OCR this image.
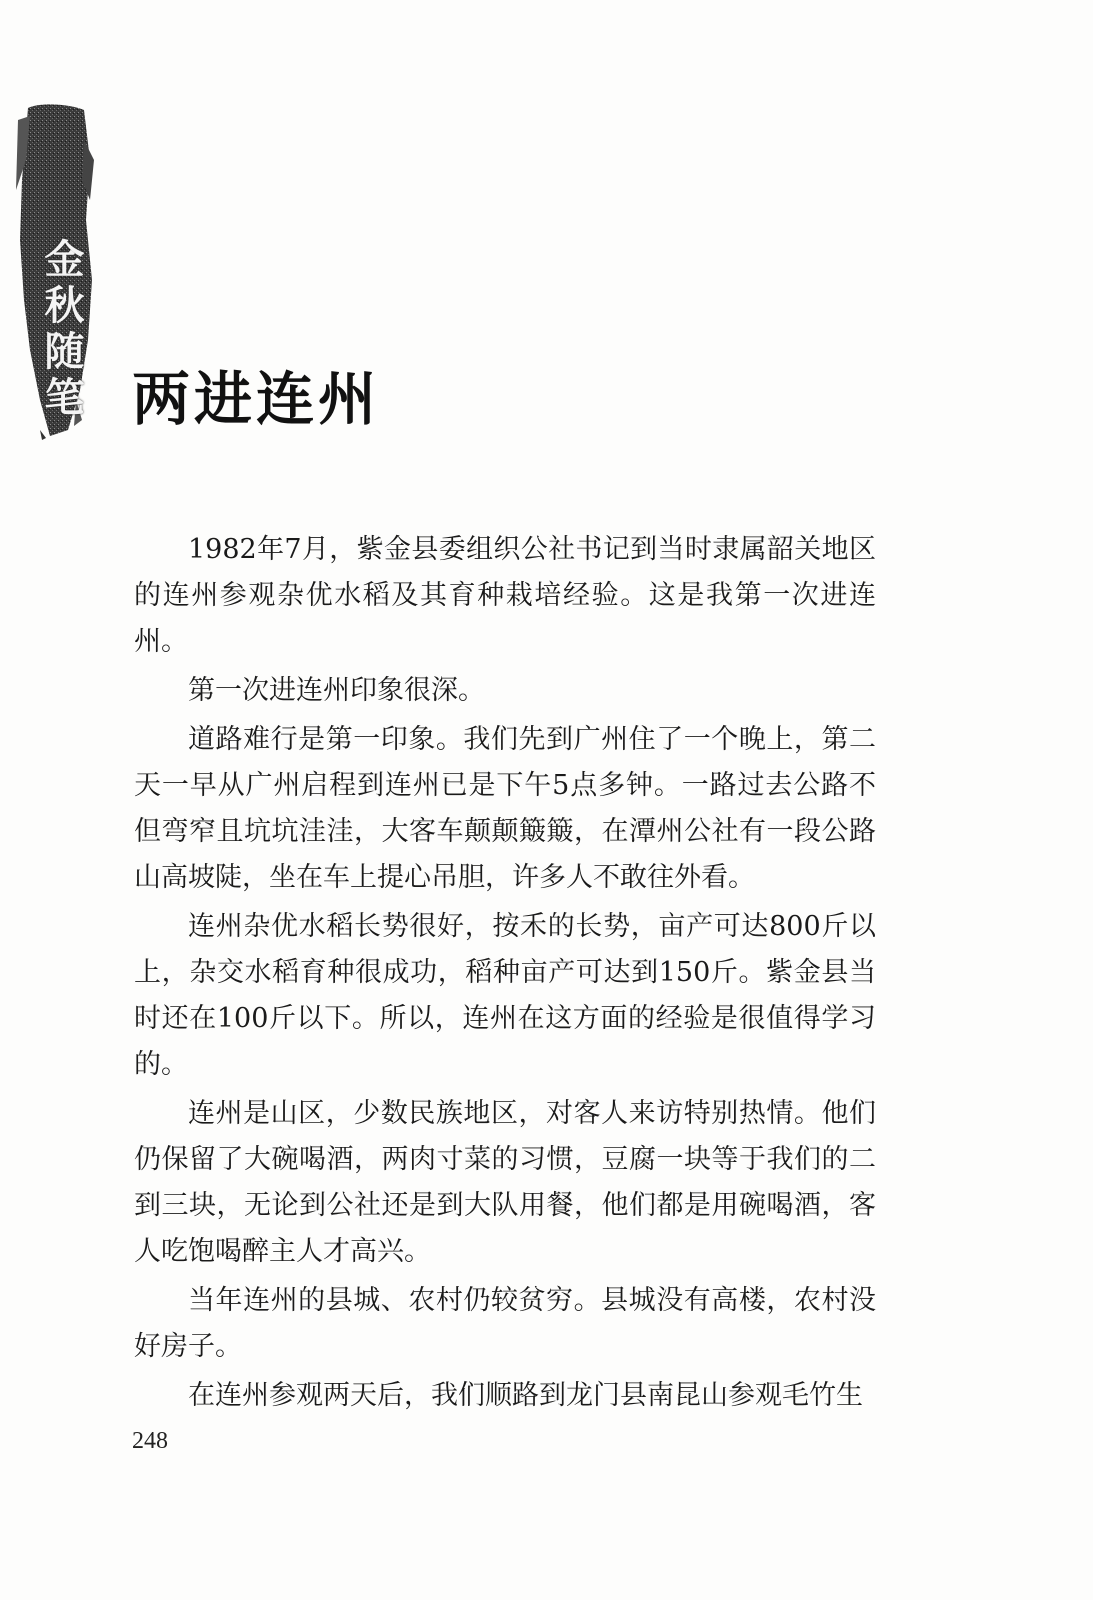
金秋随笔 两进连州

1982年7月，紫金县委组织公社书记到当时隶属韶关地区的连州参观杂优水稻及其育种栽培经验。这是我第一次进连州。

第一次进连州印象很深。

道路难行是第一印象。我们先到广州住了一个晚上，第二天一早从广州启程到连州已是下午5点多钟。一路过去公路不但弯窄且坑坑洼洼，大客车颠颠簸簸，在潭州公社有一段公路山高坡陡，坐在车上提心吊胆，许多人不敢往外看。

连州杂优水稻长势很好，按禾的长势，亩产可达800斤以上，杂交水稻育种很成功，稻种亩产可达到150斤。紫金县当时还在100斤以下。所以，连州在这方面的经验是很值得学习的。

连州是山区，少数民族地区，对客人来访特别热情。他们仍保留了大碗喝酒，两肉寸菜的习惯，豆腐一块等于我们的二到三块，无论到公社还是到大队用餐，他们都是用碗喝酒，客人吃饱喝醉主人才高兴。

当年连州的县城、农村仍较贫穷。县城没有高楼，农村没好房子。

在连州参观两天后，我们顺路到龙门县南昆山参观毛竹生

248
